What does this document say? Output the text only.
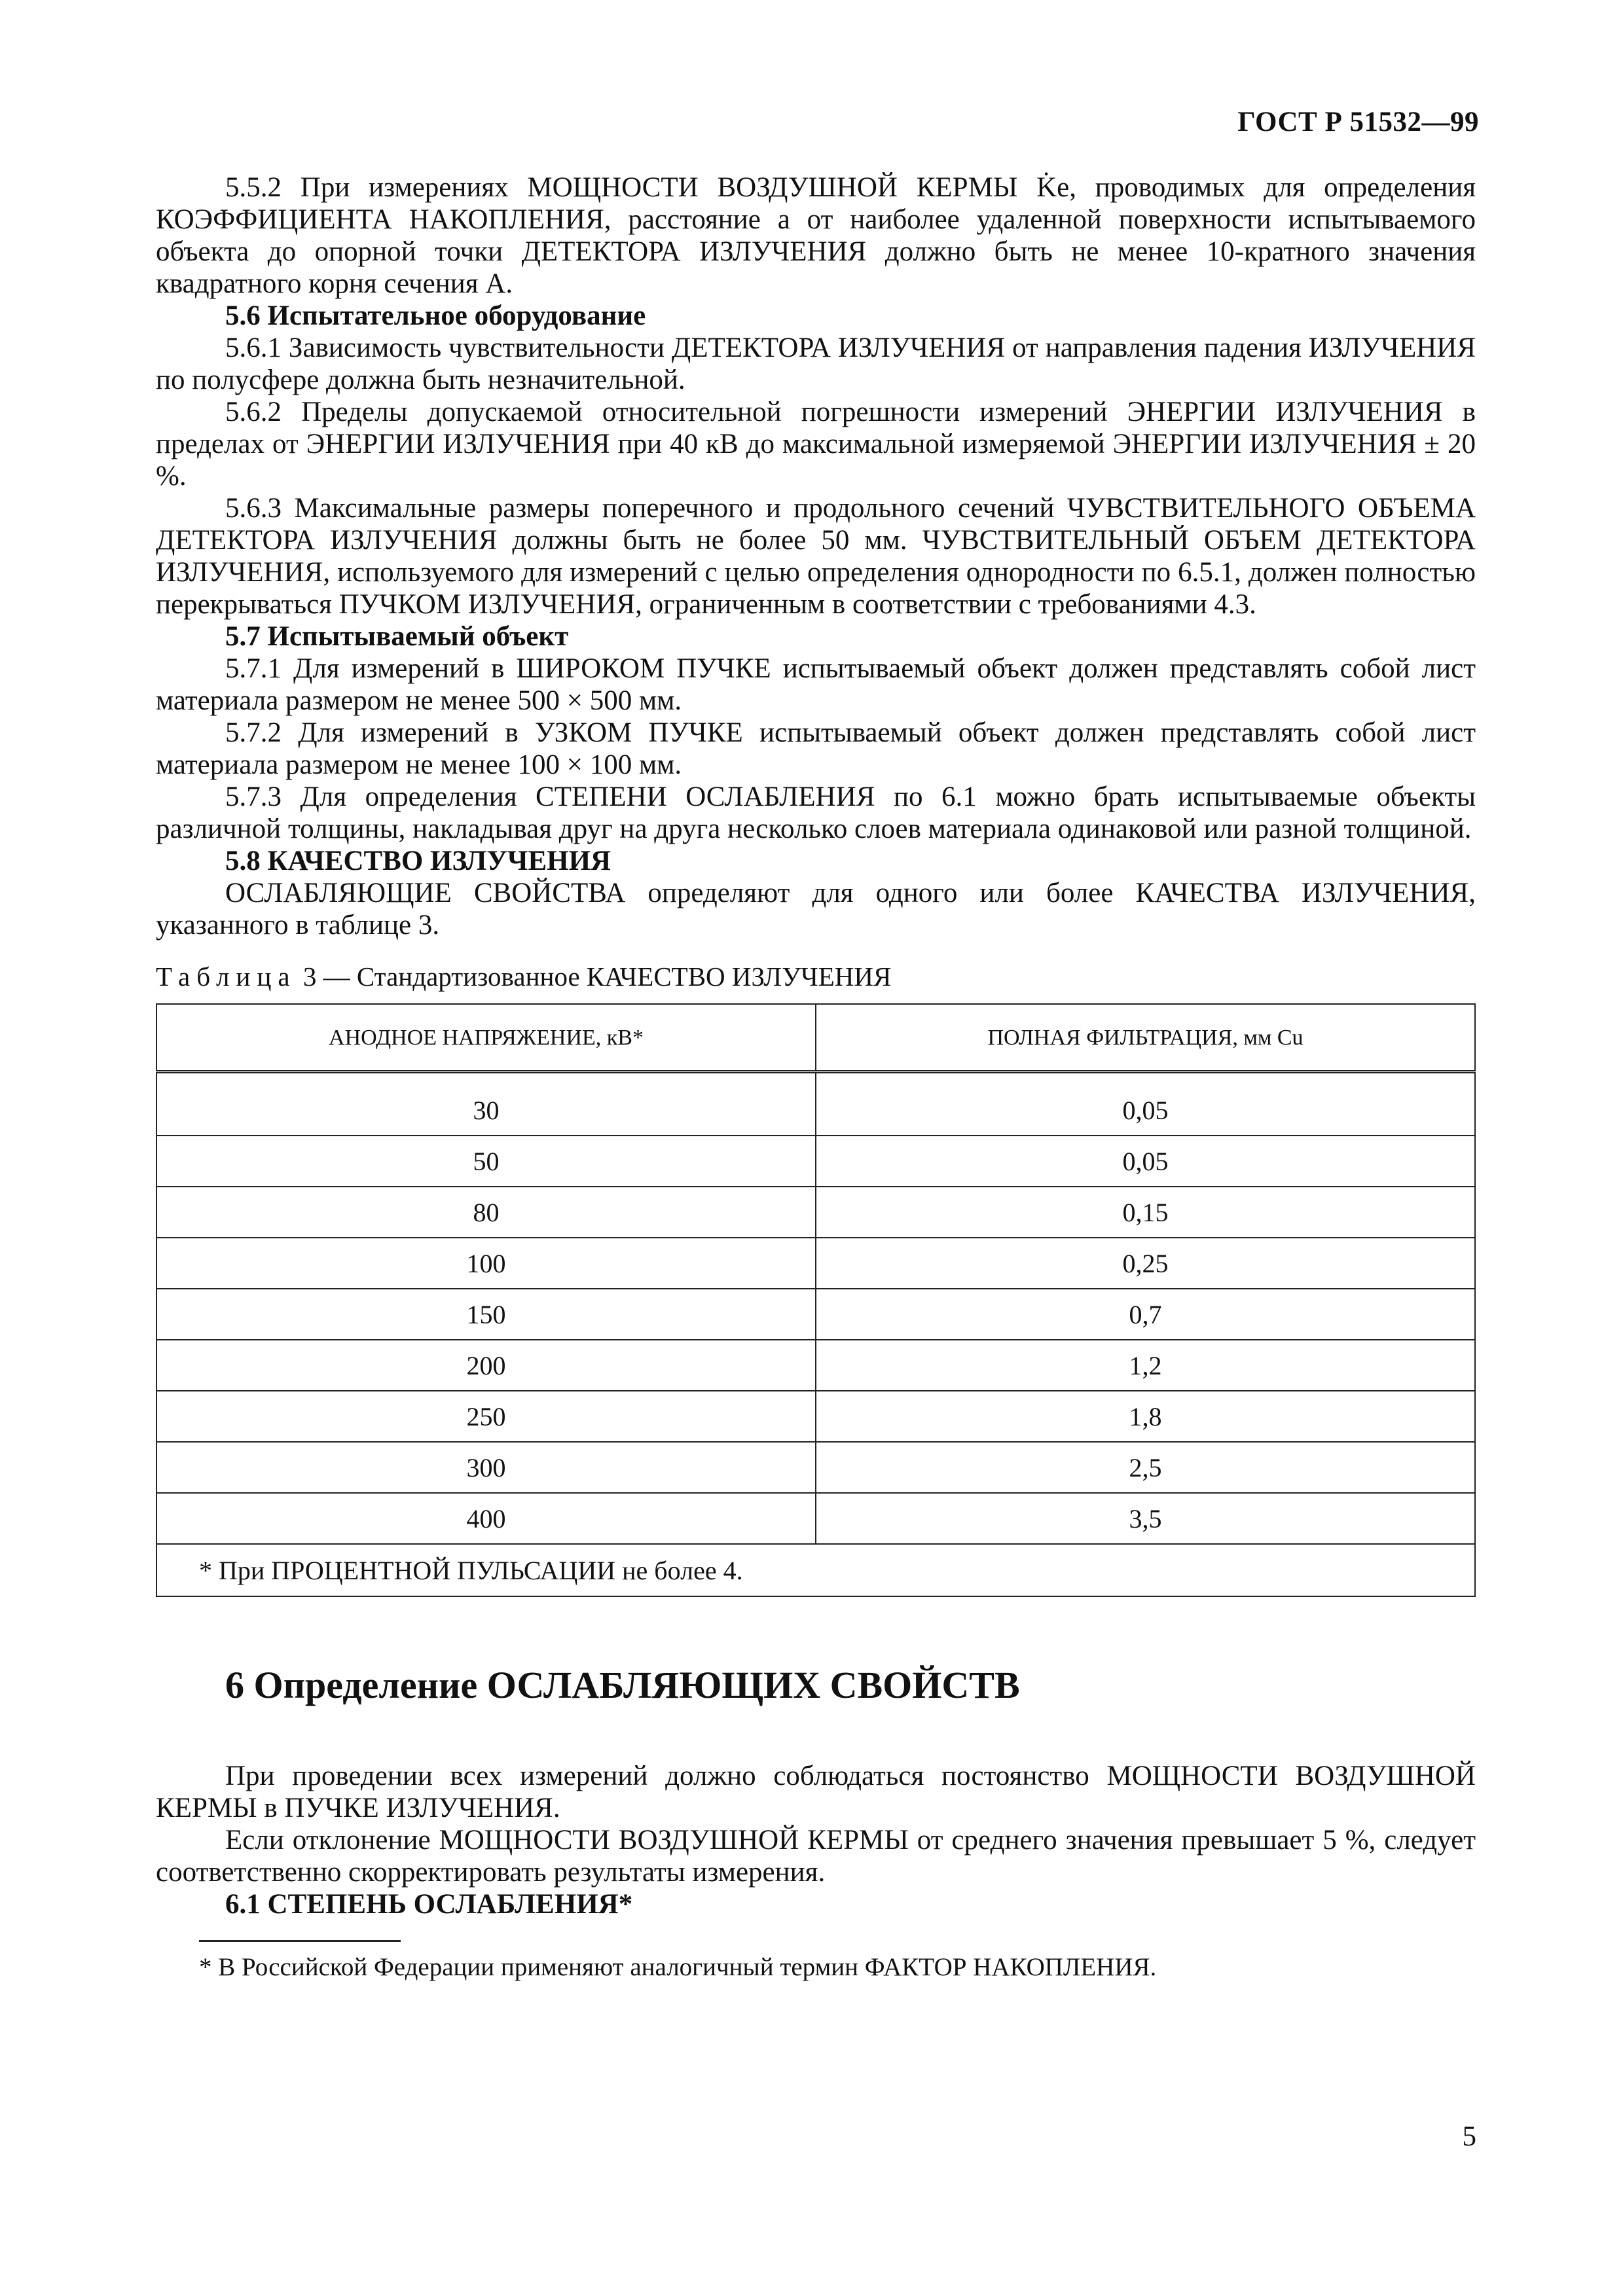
ГОСТ Р 51532—99

5.5.2 При измерениях МОЩНОСТИ ВОЗДУШНОЙ КЕРМЫ K̇e, проводимых для определения КОЭФФИЦИЕНТА НАКОПЛЕНИЯ, расстояние a от наиболее удаленной поверхности испытываемого объекта до опорной точки ДЕТЕКТОРА ИЗЛУЧЕНИЯ должно быть не менее 10-кратного значения квадратного корня сечения A.

5.6 Испытательное оборудование

5.6.1 Зависимость чувствительности ДЕТЕКТОРА ИЗЛУЧЕНИЯ от направления падения ИЗЛУЧЕНИЯ по полусфере должна быть незначительной.

5.6.2 Пределы допускаемой относительной погрешности измерений ЭНЕРГИИ ИЗЛУЧЕНИЯ в пределах от ЭНЕРГИИ ИЗЛУЧЕНИЯ при 40 кВ до максимальной измеряемой ЭНЕРГИИ ИЗЛУЧЕНИЯ ± 20 %.

5.6.3 Максимальные размеры поперечного и продольного сечений ЧУВСТВИТЕЛЬНОГО ОБЪЕМА ДЕТЕКТОРА ИЗЛУЧЕНИЯ должны быть не более 50 мм. ЧУВСТВИТЕЛЬНЫЙ ОБЪЕМ ДЕТЕКТОРА ИЗЛУЧЕНИЯ, используемого для измерений с целью определения однородности по 6.5.1, должен полностью перекрываться ПУЧКОМ ИЗЛУЧЕНИЯ, ограниченным в соответствии с требованиями 4.3.

5.7 Испытываемый объект

5.7.1 Для измерений в ШИРОКОМ ПУЧКЕ испытываемый объект должен представлять собой лист материала размером не менее 500 × 500 мм.

5.7.2 Для измерений в УЗКОМ ПУЧКЕ испытываемый объект должен представлять собой лист материала размером не менее 100 × 100 мм.

5.7.3 Для определения СТЕПЕНИ ОСЛАБЛЕНИЯ по 6.1 можно брать испытываемые объекты различной толщины, накладывая друг на друга несколько слоев материала одинаковой или разной толщиной.

5.8 КАЧЕСТВО ИЗЛУЧЕНИЯ

ОСЛАБЛЯЮЩИЕ СВОЙСТВА определяют для одного или более КАЧЕСТВА ИЗЛУЧЕНИЯ, указанного в таблице 3.

Таблица 3 — Стандартизованное КАЧЕСТВО ИЗЛУЧЕНИЯ
АНОДНОЕ НАПРЯЖЕНИЕ, кВ*	ПОЛНАЯ ФИЛЬТРАЦИЯ, мм Cu
30	0,05
50	0,05
80	0,15
100	0,25
150	0,7
200	1,2
250	1,8
300	2,5
400	3,5
* При ПРОЦЕНТНОЙ ПУЛЬСАЦИИ не более 4.	
6 Определение ОСЛАБЛЯЮЩИХ СВОЙСТВ

При проведении всех измерений должно соблюдаться постоянство МОЩНОСТИ ВОЗДУШНОЙ КЕРМЫ в ПУЧКЕ ИЗЛУЧЕНИЯ.

Если отклонение МОЩНОСТИ ВОЗДУШНОЙ КЕРМЫ от среднего значения превышает 5 %, следует соответственно скорректировать результаты измерения.

6.1 СТЕПЕНЬ ОСЛАБЛЕНИЯ*

* В Российской Федерации применяют аналогичный термин ФАКТОР НАКОПЛЕНИЯ.

5
